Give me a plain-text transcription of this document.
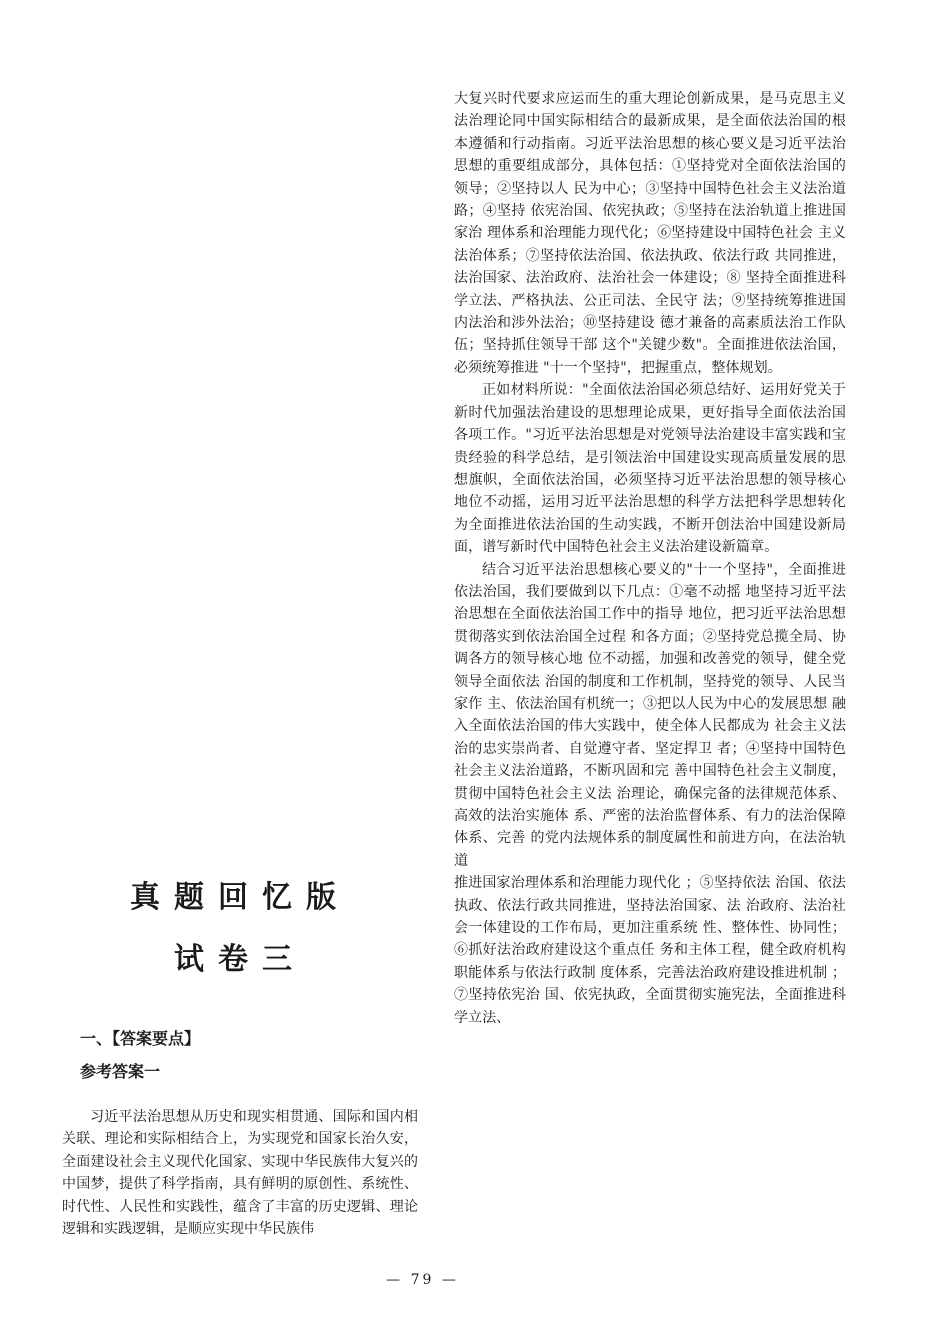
大复兴时代要求应运而生的重大理论创新成果，是马克思主义法治理论同中国实际相结合的最新成果，是全面依法治国的根本遵循和行动指南。习近平法治思想的核心要义是习近平法治思想的重要组成部分，具体包括：①坚持党对全面依法治国的领导；②坚持以人 民为中心；③坚持中国特色社会主义法治道路；④坚持 依宪治国、依宪执政；⑤坚持在法治轨道上推进国家治 理体系和治理能力现代化；⑥坚持建设中国特色社会 主义法治体系；⑦坚持依法治国、依法执政、依法行政 共同推进，法治国家、法治政府、法治社会一体建设；⑧ 坚持全面推进科学立法、严格执法、公正司法、全民守 法；⑨坚持统筹推进国内法治和涉外法治；⑩坚持建设 德才兼备的高素质法治工作队伍；坚持抓住领导干部 这个"关键少数"。全面推进依法治国，必须统筹推进 "十一个坚持"，把握重点，整体规划。

正如材料所说："全面依法治国必须总结好、运用好党关于新时代加强法治建设的思想理论成果，更好指导全面依法治国各项工作。"习近平法治思想是对党领导法治建设丰富实践和宝贵经验的科学总结，是引领法治中国建设实现高质量发展的思想旗帜，全面依法治国，必须坚持习近平法治思想的领导核心地位不动摇，运用习近平法治思想的科学方法把科学思想转化为全面推进依法治国的生动实践，不断开创法治中国建设新局面，谱写新时代中国特色社会主义法治建设新篇章。

结合习近平法治思想核心要义的"十一个坚持"，全面推进依法治国，我们要做到以下几点：①毫不动摇 地坚持习近平法治思想在全面依法治国工作中的指导 地位，把习近平法治思想贯彻落实到依法治国全过程 和各方面；②坚持党总揽全局、协调各方的领导核心地 位不动摇，加强和改善党的领导，健全党领导全面依法 治国的制度和工作机制，坚持党的领导、人民当家作 主、依法治国有机统一；③把以人民为中心的发展思想 融入全面依法治国的伟大实践中，使全体人民都成为 社会主义法治的忠实崇尚者、自觉遵守者、坚定捍卫 者；④坚持中国特色社会主义法治道路，不断巩固和完 善中国特色社会主义制度，贯彻中国特色社会主义法 治理论，确保完备的法律规范体系、高效的法治实施体 系、严密的法治监督体系、有力的法治保障体系、完善 的党内法规体系的制度属性和前进方向，在法治轨道

推进国家治理体系和治理能力现代化 ；⑤坚持依法 治国、依法执政、依法行政共同推进，坚持法治国家、法 治政府、法治社会一体建设的工作布局，更加注重系统 性、整体性、协同性；⑥抓好法治政府建设这个重点任 务和主体工程，健全政府机构职能体系与依法行政制 度体系，完善法治政府建设推进机制 ；⑦坚持依宪治 国、依宪执政，全面贯彻实施宪法，全面推进科学立法、

真题回忆版
试卷三
一、【答案要点】
参考答案一

习近平法治思想从历史和现实相贯通、国际和国内相关联、理论和实际相结合上，为实现党和国家长治久安，全面建设社会主义现代化国家、实现中华民族伟大复兴的中国梦，提供了科学指南，具有鲜明的原创性、系统性、时代性、人民性和实践性，蕴含了丰富的历史逻辑、理论逻辑和实践逻辑，是顺应实现中华民族伟

— 79 —
